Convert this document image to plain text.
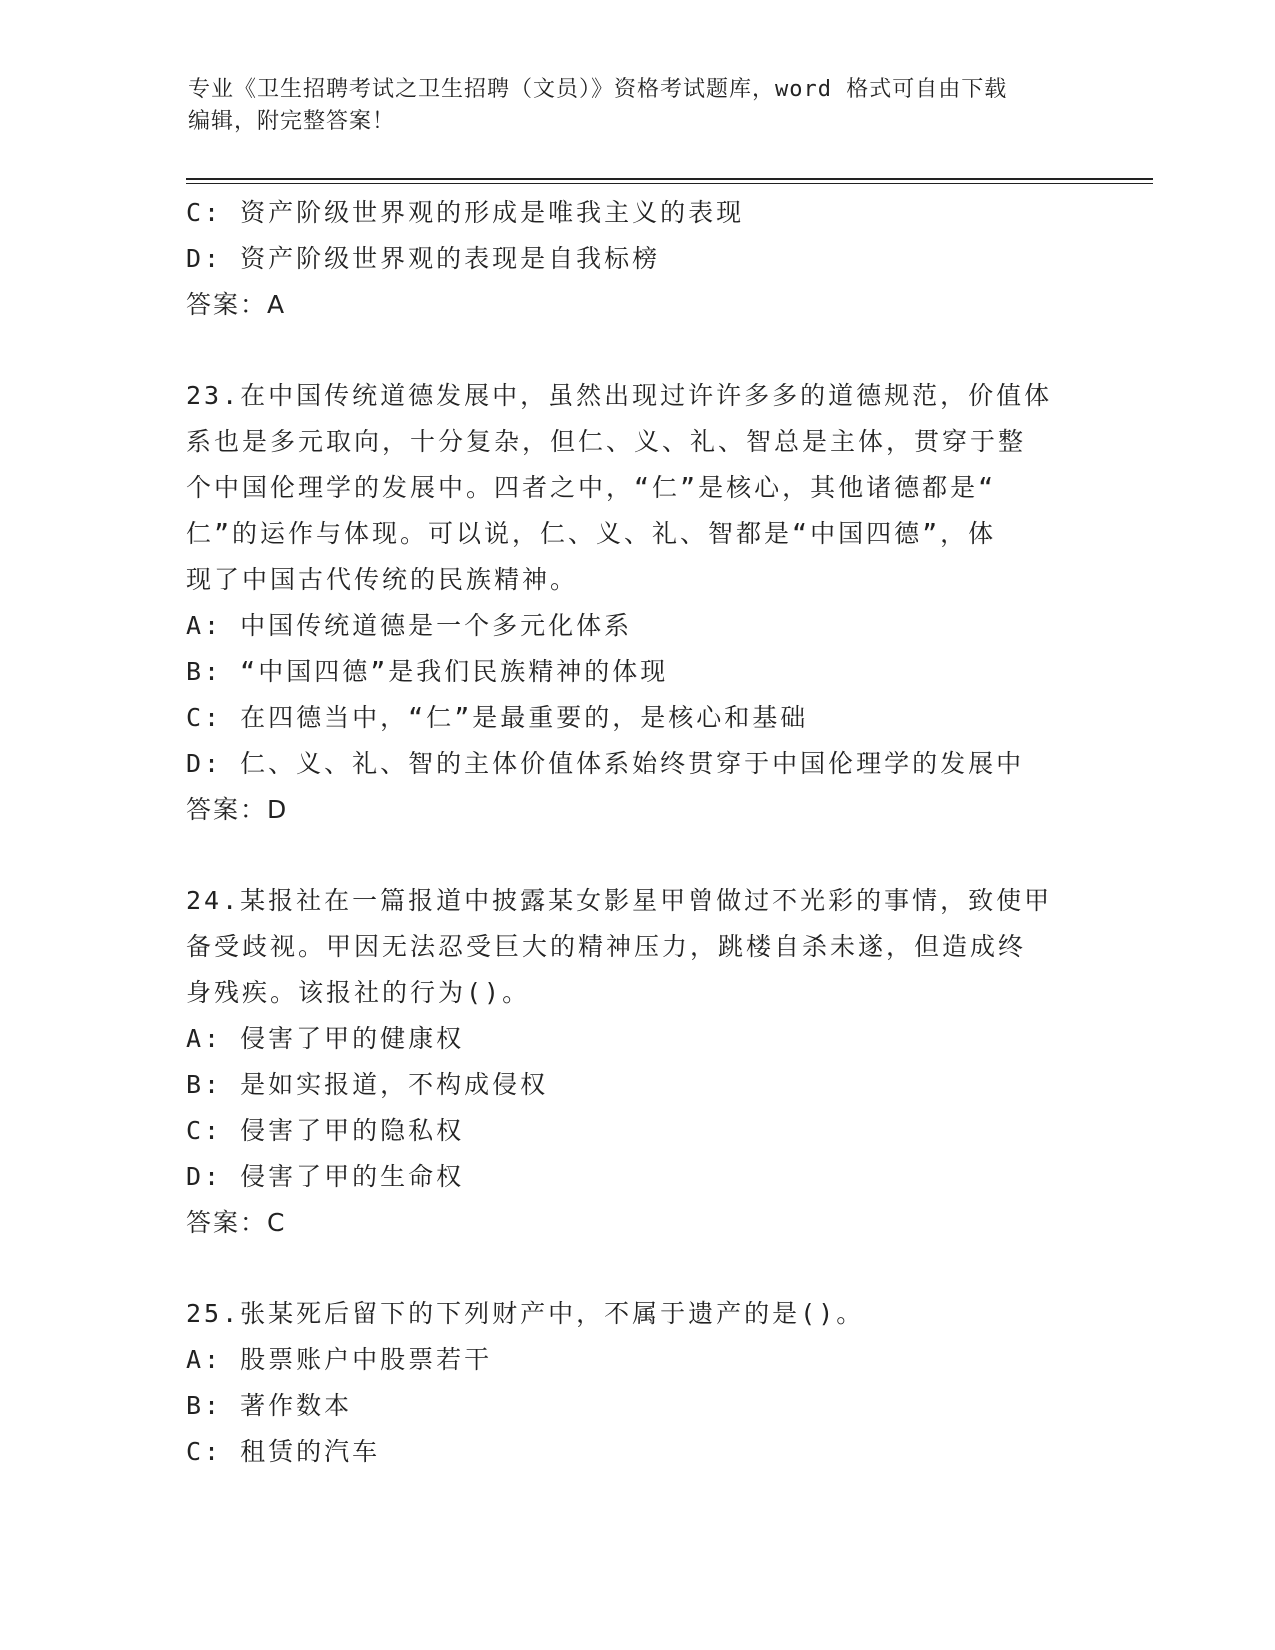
专业《卫生招聘考试之卫生招聘（文员）》资格考试题库，word 格式可自由下载
编辑，附完整答案！
C: 资产阶级世界观的形成是唯我主义的表现
D: 资产阶级世界观的表现是自我标榜
答案：A
23.在中国传统道德发展中，虽然出现过许许多多的道德规范，价值体
系也是多元取向，十分复杂，但仁、义、礼、智总是主体，贯穿于整
个中国伦理学的发展中。四者之中，“仁”是核心，其他诸德都是“
仁”的运作与体现。可以说，仁、义、礼、智都是“中国四德”，体
现了中国古代传统的民族精神。
A: 中国传统道德是一个多元化体系
B: “中国四德”是我们民族精神的体现
C: 在四德当中，“仁”是最重要的，是核心和基础
D: 仁、义、礼、智的主体价值体系始终贯穿于中国伦理学的发展中
答案：D
24.某报社在一篇报道中披露某女影星甲曾做过不光彩的事情，致使甲
备受歧视。甲因无法忍受巨大的精神压力，跳楼自杀未遂，但造成终
身残疾。该报社的行为()。
A: 侵害了甲的健康权
B: 是如实报道，不构成侵权
C: 侵害了甲的隐私权
D: 侵害了甲的生命权
答案：C
25.张某死后留下的下列财产中，不属于遗产的是()。
A: 股票账户中股票若干
B: 著作数本
C: 租赁的汽车
